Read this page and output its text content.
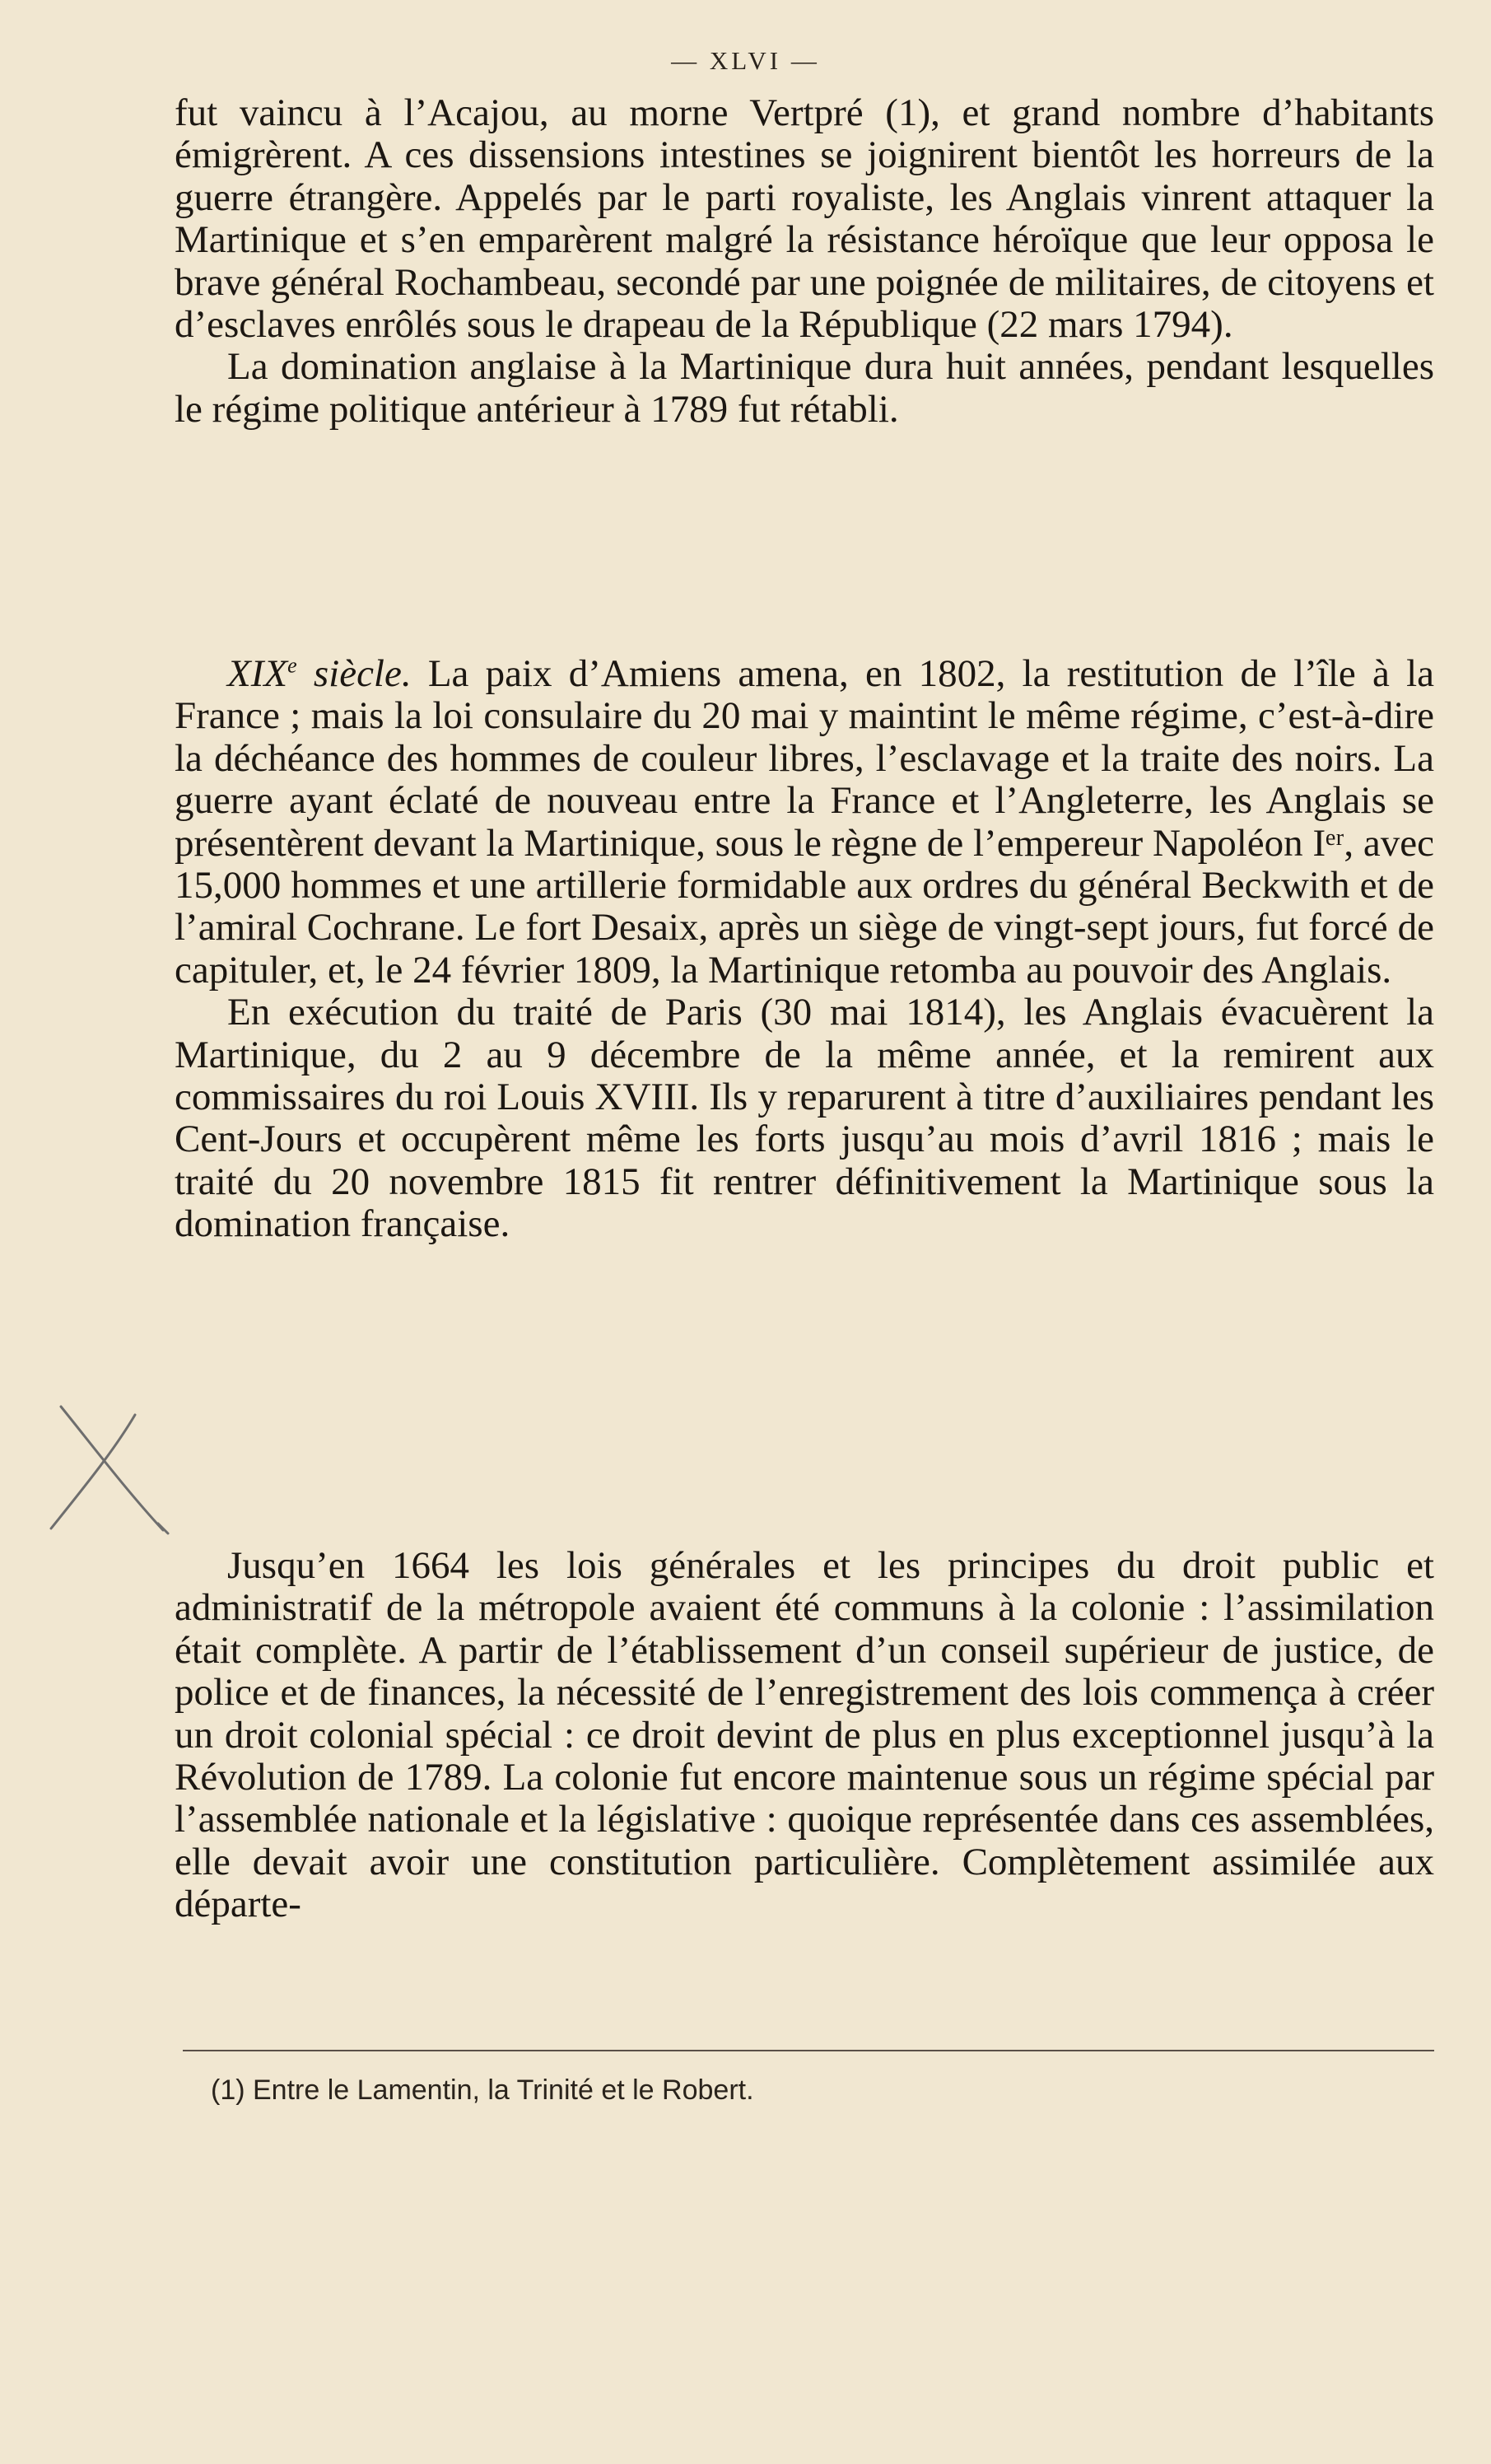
— XLVI —

fut vaincu à l’Acajou, au morne Vertpré (1), et grand nombre d’habitants émigrèrent. A ces dissensions intestines se joignirent bientôt les horreurs de la guerre étrangère. Appelés par le parti royaliste, les Anglais vinrent attaquer la Martinique et s’en emparèrent malgré la résistance héroïque que leur opposa le brave général Rochambeau, secondé par une poignée de militaires, de citoyens et d’esclaves enrôlés sous le drapeau de la République (22 mars 1794).

La domination anglaise à la Martinique dura huit années, pendant lesquelles le régime politique antérieur à 1789 fut rétabli.

XIXe siècle. La paix d’Amiens amena, en 1802, la restitution de l’île à la France ; mais la loi consulaire du 20 mai y maintint le même régime, c’est-à-dire la déchéance des hommes de couleur libres, l’esclavage et la traite des noirs. La guerre ayant éclaté de nouveau entre la France et l’Angleterre, les Anglais se présentèrent devant la Martinique, sous le règne de l’empereur Napoléon Iᵉʳ, avec 15,000 hommes et une artillerie formidable aux ordres du général Beckwith et de l’amiral Cochrane. Le fort Desaix, après un siège de vingt-sept jours, fut forcé de capituler, et, le 24 février 1809, la Martinique retomba au pouvoir des Anglais.

En exécution du traité de Paris (30 mai 1814), les Anglais évacuèrent la Martinique, du 2 au 9 décembre de la même année, et la remirent aux commissaires du roi Louis XVIII. Ils y reparurent à titre d’auxiliaires pendant les Cent-Jours et occupèrent même les forts jusqu’au mois d’avril 1816 ; mais le traité du 20 novembre 1815 fit rentrer définitivement la Martinique sous la domination française.

Jusqu’en 1664 les lois générales et les principes du droit public et administratif de la métropole avaient été communs à la colonie : l’assimilation était complète. A partir de l’établissement d’un conseil supérieur de justice, de police et de finances, la nécessité de l’enregistrement des lois commença à créer un droit colonial spécial : ce droit devint de plus en plus exceptionnel jusqu’à la Révolution de 1789. La colonie fut encore maintenue sous un régime spécial par l’assemblée nationale et la législative : quoique représentée dans ces assemblées, elle devait avoir une constitution particulière. Complètement assimilée aux départe-

(1) Entre le Lamentin, la Trinité et le Robert.
